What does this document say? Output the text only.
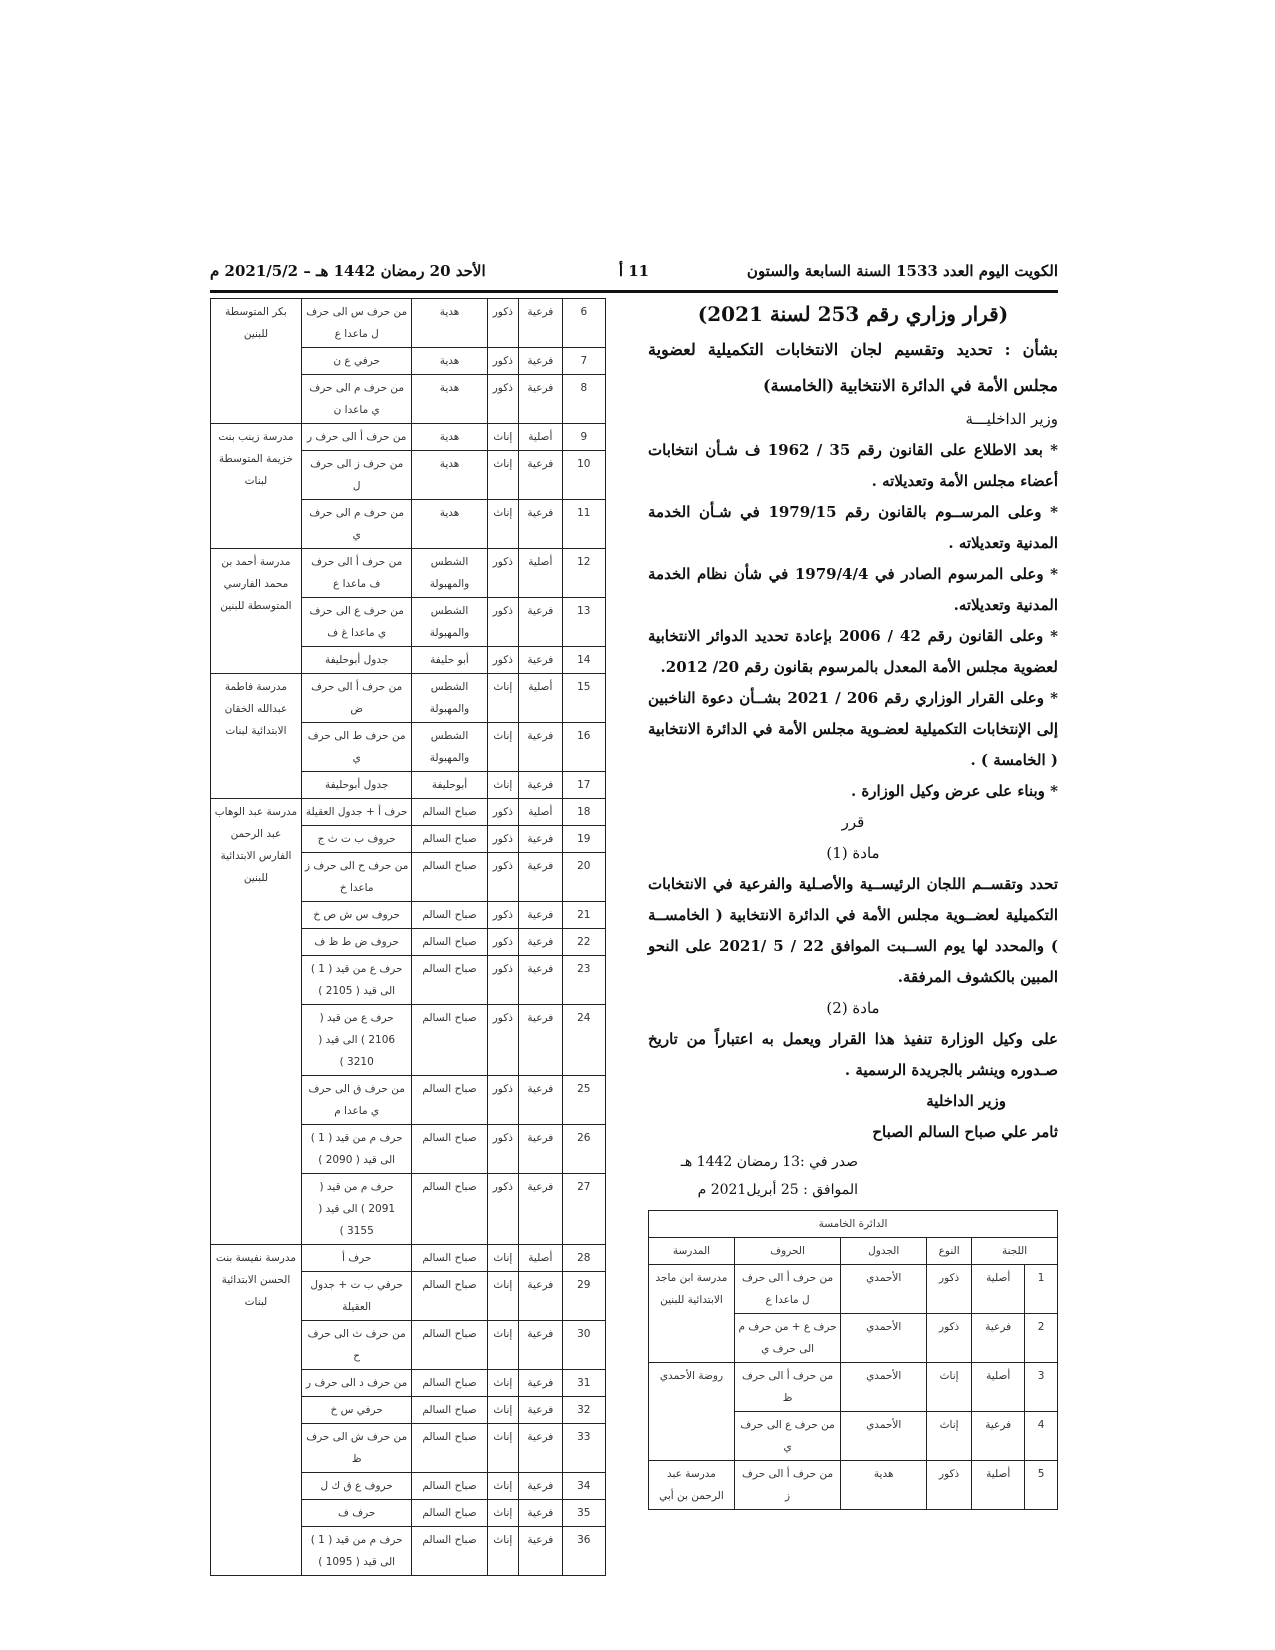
الكويت اليوم العدد 1533 السنة السابعة والستون
11 أ
الأحد 20 رمضان 1442 هـ – 2021/5/2 م
(قرار وزاري رقم 253 لسنة 2021)

بشأن : تحديد وتقسيم لجان الانتخابات التكميلية لعضوية مجلس الأمة في الدائرة الانتخابية (الخامسة)

وزير الداخليـــة

* بعد الاطلاع على القانون رقم 35 / 1962 ف شـأن انتخابات أعضاء مجلس الأمة وتعديلاته .

* وعلى المرســوم بالقانون رقم 1979/15 في شـأن الخدمة المدنية وتعديلاته .

* وعلى المرسوم الصادر في 1979/4/4 في شأن نظام الخدمة المدنية وتعديلاته.

* وعلى القانون رقم 42 / 2006 بإعادة تحديد الدوائر الانتخابية لعضوية مجلس الأمة المعدل بالمرسوم بقانون رقم 20/ 2012.

* وعلى القرار الوزاري رقم 206 / 2021 بشــأن دعوة الناخبين إلى الإنتخابات التكميلية لعضـوية مجلس الأمة في الدائرة الانتخابية ( الخامسة ) .

* وبناء على عرض وكيل الوزارة .

قرر

مادة (1)

تحدد وتقســم اللجان الرئيســية والأصـلية والفرعية في الانتخابات التكميلية لعضــوية مجلس الأمة في الدائرة الانتخابية ( الخامســة ) والمحدد لها يوم الســبت الموافق 22 / 5 /2021 على النحو المبين بالكشوف المرفقة.

مادة (2)

على وكيل الوزارة تنفيذ هذا القرار ويعمل به اعتباراً من تاريخ صـدوره وينشر بالجريدة الرسمية .

وزير الداخلية

ثامر علي صباح السالم الصباح

صدر في :13 رمضان 1442 هـ

الموافق : 25 أبريل2021 م

الدائرة الخامسة					
اللجنة		النوع	الجدول	الحروف	المدرسة
1	أصلية	ذكور	الأحمدي	من حرف أ الى حرف ل ماعدا ع	مدرسة ابن ماجد الابتدائية للبنين
2	فرعية	ذكور	الأحمدي	حرف ع + من حرف م الى حرف ي	
3	أصلية	إناث	الأحمدي	من حرف أ الى حرف ظ	روضة الأحمدي
4	فرعية	إناث	الأحمدي	من حرف ع الى حرف ي	
5	أصلية	ذكور	هدية	من حرف أ الى حرف ز	مدرسة عبد الرحمن بن أبي
6	فرعية	ذكور	هدية	من حرف س الى حرف ل ماعدا ع	بكر المتوسطة للبنين
7	فرعية	ذكور	هدية	حرفي ع ن	
8	فرعية	ذكور	هدية	من حرف م الى حرف ي ماعدا ن	
9	أصلية	إناث	هدية	من حرف أ الى حرف ر	مدرسة زينب بنت خزيمة المتوسطة لبنات
10	فرعية	إناث	هدية	من حرف ز الى حرف ل	
11	فرعية	إناث	هدية	من حرف م الى حرف ي	
12	أصلية	ذكور	الشطس والمهبولة	من حرف أ الى حرف ف ماعدا ع	مدرسة أحمد بن محمد الفارسي المتوسطة للبنين
13	فرعية	ذكور	الشطس والمهبولة	من حرف ع الى حرف ي ماعدا غ ف	
14	فرعية	ذكور	أبو حليفة	جدول أبوحليفة	
15	أصلية	إناث	الشطس والمهبولة	من حرف أ الى حرف ض	مدرسة فاطمة عبدالله الخقان الابتدائية لبنات
16	فرعية	إناث	الشطس والمهبولة	من حرف ط الى حرف ي	
17	فرعية	إناث	أبوحليفة	جدول أبوحليفة	
18	أصلية	ذكور	صباح السالم	حرف أ + جدول العقيلة	مدرسة عبد الوهاب عبد الرحمن الفارس الابتدائية للبنين
19	فرعية	ذكور	صباح السالم	حروف ب ت ث ج	
20	فرعية	ذكور	صباح السالم	من حرف ح الى حرف ز ماعدا خ	
21	فرعية	ذكور	صباح السالم	حروف س ش ص خ	
22	فرعية	ذكور	صباح السالم	حروف ض ط ظ ف	
23	فرعية	ذكور	صباح السالم	حرف ع من قيد ( 1 ) الى قيد ( 2105 )	
24	فرعية	ذكور	صباح السالم	حرف ع من قيد ( 2106 ) الى قيد ( 3210 )	
25	فرعية	ذكور	صباح السالم	من حرف ق الى حرف ي ماعدا م	
26	فرعية	ذكور	صباح السالم	حرف م من قيد ( 1 ) الى قيد ( 2090 )	
27	فرعية	ذكور	صباح السالم	حرف م من قيد ( 2091 ) الى قيد ( 3155 )	
28	أصلية	إناث	صباح السالم	حرف أ	مدرسة نفيسة بنت الحسن الابتدائية لبنات
29	فرعية	إناث	صباح السالم	حرفي ب ت + جدول العقيلة	
30	فرعية	إناث	صباح السالم	من حرف ث الى حرف ح	
31	فرعية	إناث	صباح السالم	من حرف د الى حرف ر	
32	فرعية	إناث	صباح السالم	حرفي س خ	
33	فرعية	إناث	صباح السالم	من حرف ش الى حرف ظ	
34	فرعية	إناث	صباح السالم	حروف ع ق ك ل	
35	فرعية	إناث	صباح السالم	حرف ف	
36	فرعية	إناث	صباح السالم	حرف م من قيد ( 1 ) الى قيد ( 1095 )	
